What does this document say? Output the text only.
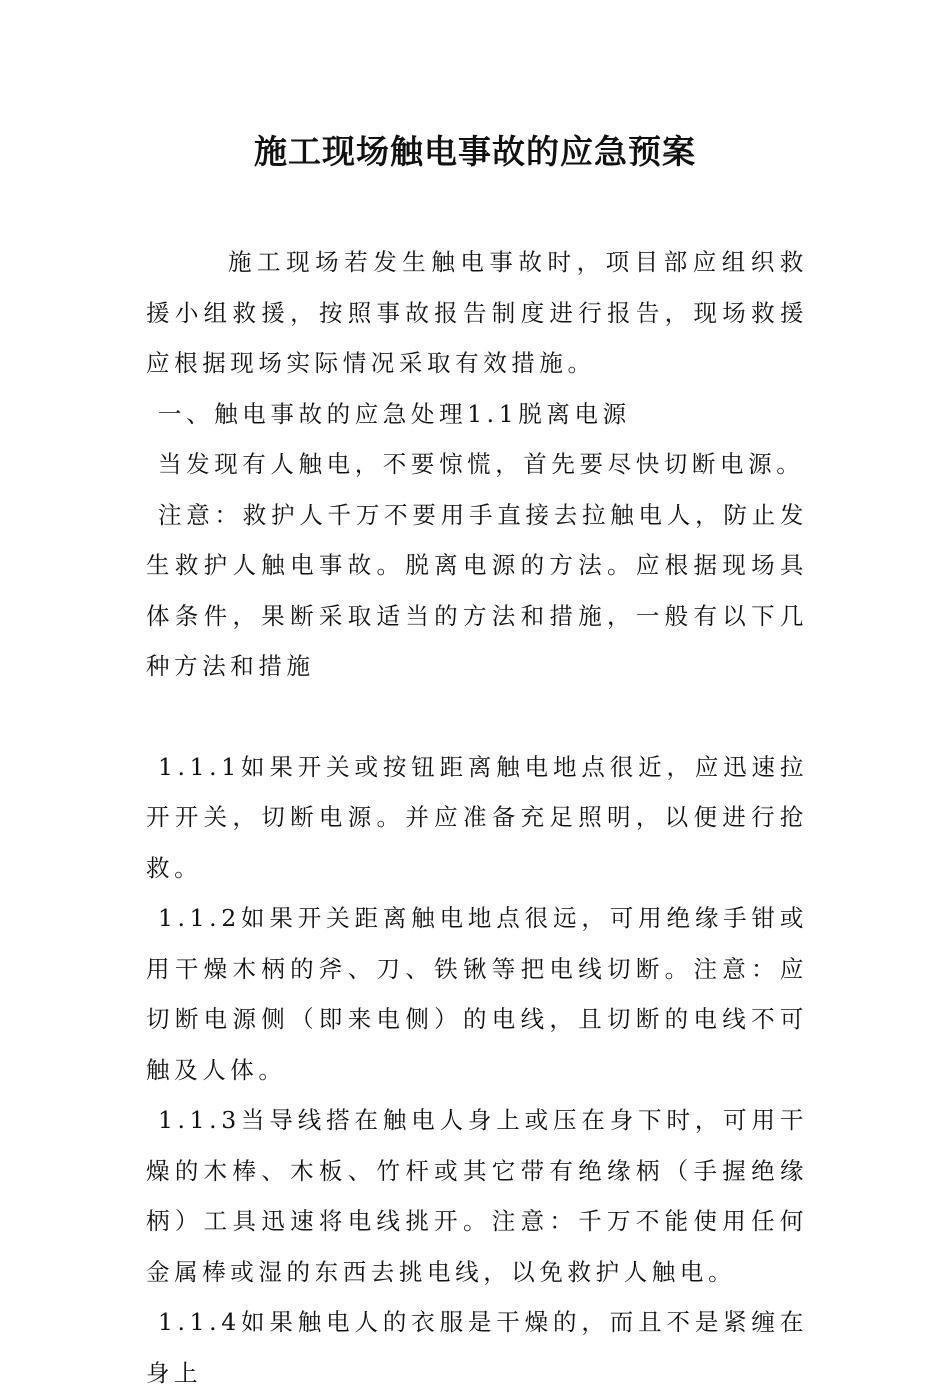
施工现场触电事故的应急预案

施工现场若发生触电事故时，项目部应组织救援小组救援，按照事故报告制度进行报告，现场救援应根据现场实际情况采取有效措施。

一、触电事故的应急处理1.1脱离电源

当发现有人触电，不要惊慌，首先要尽快切断电源。

注意：救护人千万不要用手直接去拉触电人，防止发生救护人触电事故。脱离电源的方法。应根据现场具体条件，果断采取适当的方法和措施，一般有以下几种方法和措施

1.1.1如果开关或按钮距离触电地点很近，应迅速拉开开关，切断电源。并应准备充足照明，以便进行抢救。

1.1.2如果开关距离触电地点很远，可用绝缘手钳或用干燥木柄的斧、刀、铁锹等把电线切断。注意：应切断电源侧（即来电侧）的电线，且切断的电线不可触及人体。

1.1.3当导线搭在触电人身上或压在身下时，可用干燥的木棒、木板、竹杆或其它带有绝缘柄（手握绝缘柄）工具迅速将电线挑开。注意：千万不能使用任何金属棒或湿的东西去挑电线，以免救护人触电。

1.1.4如果触电人的衣服是干燥的，而且不是紧缠在身上
